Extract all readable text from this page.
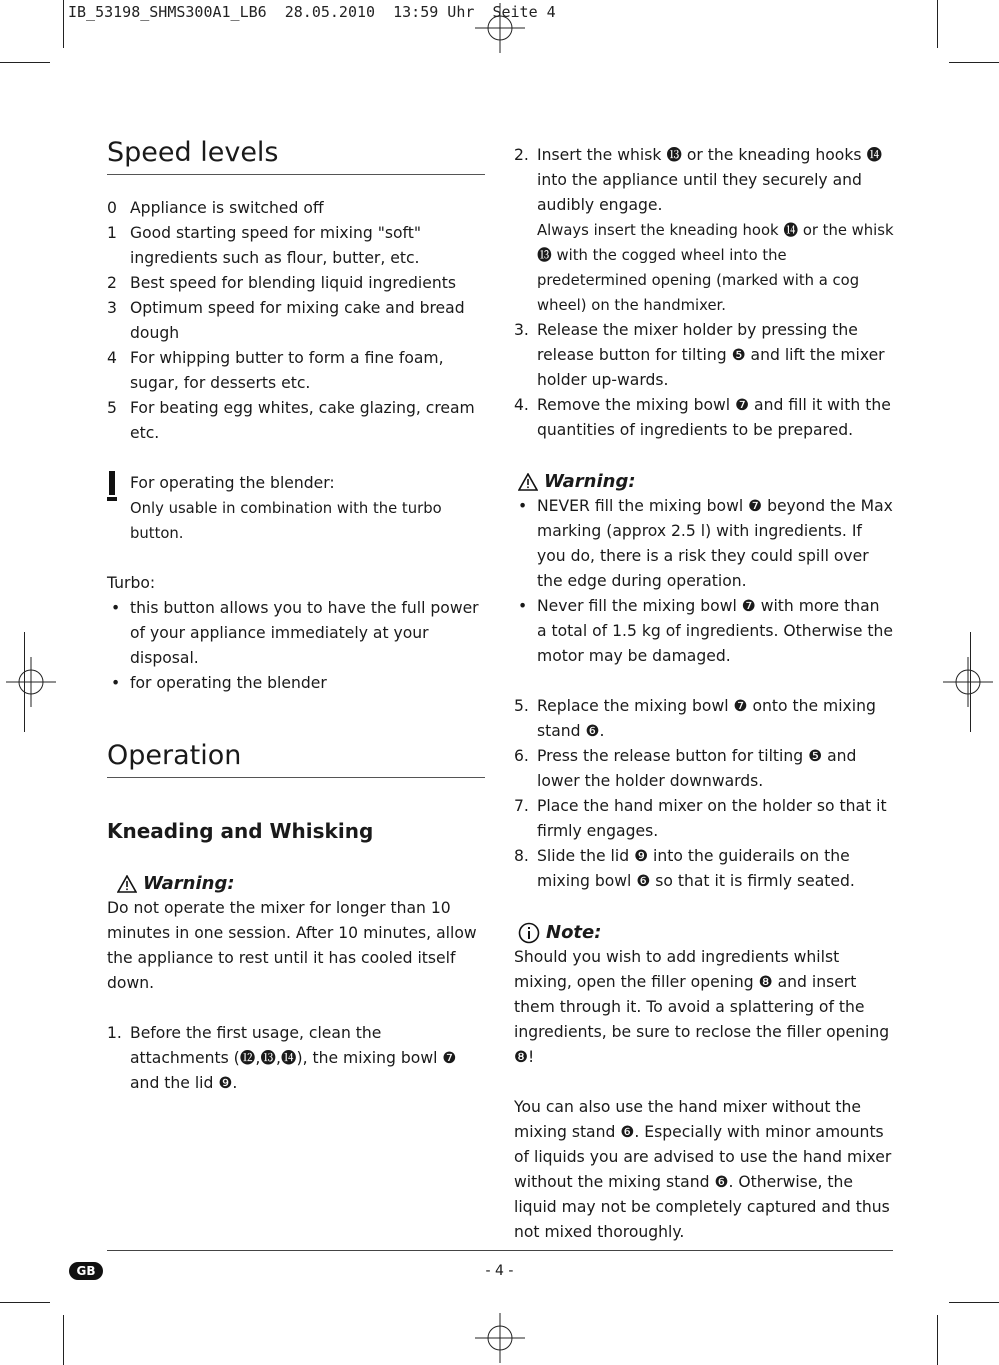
IB_53198_SHMS300A1_LB6  28.05.2010  13:59 Uhr  Seite 4
Speed levels
0 Appliance is switched off
1 Good starting speed for mixing "soft" ingredients such as flour, butter, etc.
2 Best speed for blending liquid ingredients
3 Optimum speed for mixing cake and bread dough
4 For whipping butter to form a fine foam, sugar, for desserts etc.
5 For beating egg whites, cake glazing, cream etc.

For operating the blender:

Only usable in combination with the turbo button.

Turbo:

• this button allows you to have the full power of your appliance immediately at your disposal.
• for operating the blender
Operation
Kneading and Whisking
Warning:

Do not operate the mixer for longer than 10 minutes in one session. After 10 minutes, allow the appliance to rest until it has cooled itself down.

1. Before the first usage, clean the attachments (⓬,⓭,⓮), the mixing bowl ❼ and the lid ❾.
2. Insert the whisk ⓭ or the kneading hooks ⓮ into the appliance until they securely and audibly engage.

Always insert the kneading hook ⓮ or the whisk ⓭ with the cogged wheel into the predetermined opening (marked with a cog wheel) on the handmixer.

3. Release the mixer holder by pressing the release button for tilting ❺ and lift the mixer holder up-wards.
4. Remove the mixing bowl ❼ and fill it with the quantities of ingredients to be prepared.
Warning:
• NEVER fill the mixing bowl ❼ beyond the Max marking (approx 2.5 l) with ingredients. If you do, there is a risk they could spill over the edge during operation.
• Never fill the mixing bowl ❼ with more than a total of 1.5 kg of ingredients. Otherwise the motor may be damaged.
5. Replace the mixing bowl ❼ onto the mixing stand ❻.
6. Press the release button for tilting ❺ and lower the holder downwards.
7. Place the hand mixer on the holder so that it firmly engages.
8. Slide the lid ❾ into the guiderails on the mixing bowl ❻ so that it is firmly seated.
Note:

Should you wish to add ingredients whilst mixing, open the filler opening ❽ and insert them through it. To avoid a splattering of the ingredients, be sure to reclose the filler opening ❽!

You can also use the hand mixer without the mixing stand ❻. Especially with minor amounts of liquids you are advised to use the hand mixer without the mixing stand ❻. Otherwise, the liquid may not be completely captured and thus not mixed thoroughly.

GB	- 4 -
